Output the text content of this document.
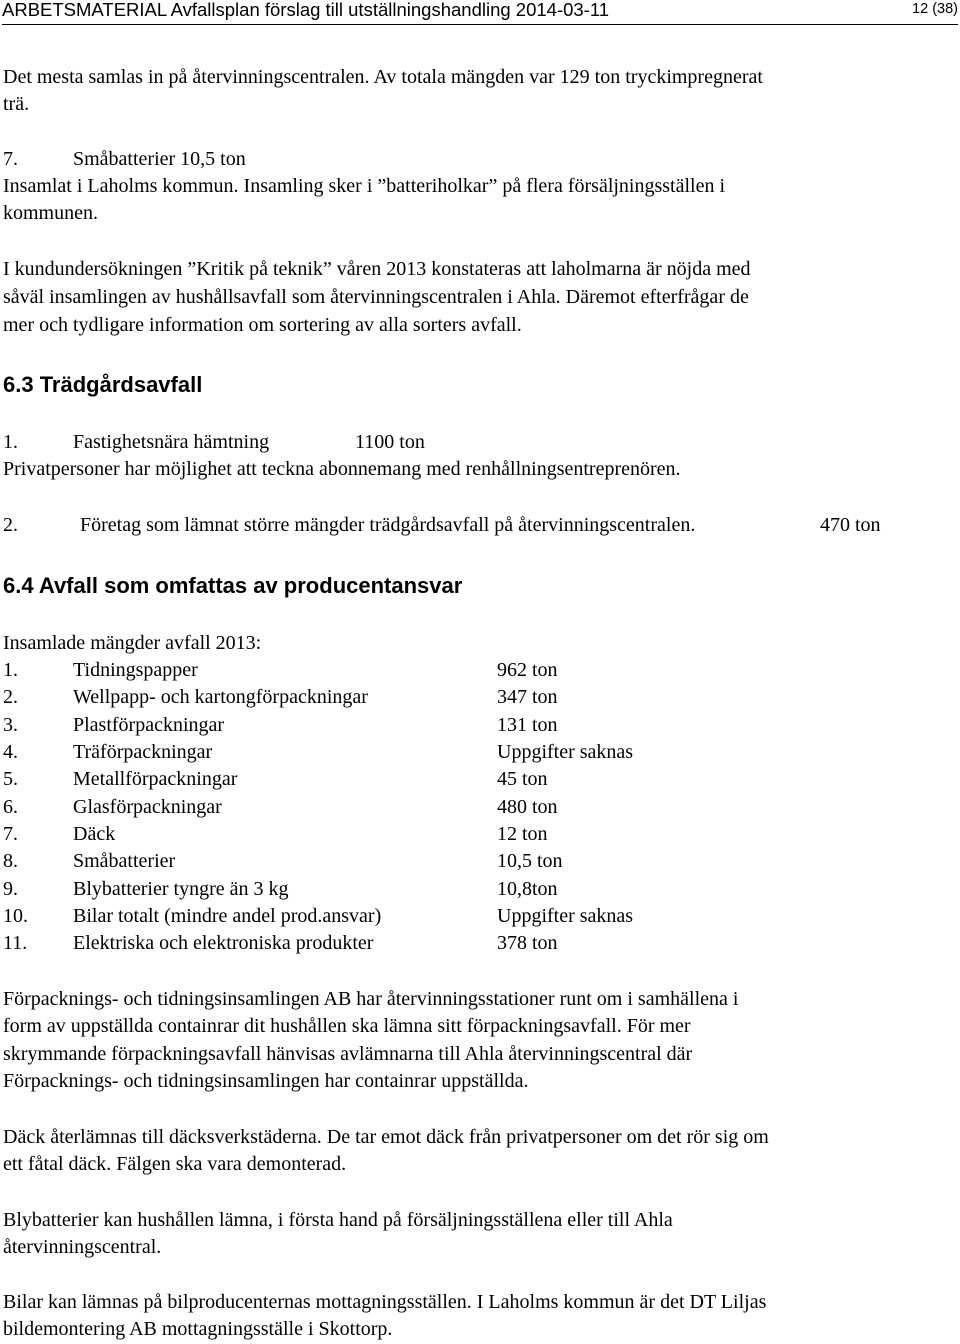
ARBETSMATERIAL Avfallsplan förslag till utställningshandling 2014-03-11	12 (38)
Det mesta samlas in på återvinningscentralen. Av totala mängden var 129 ton tryckimpregnerat
trä.
7.	Småbatterier 10,5 ton
Insamlat i Laholms kommun. Insamling sker i ”batteriholkar” på flera försäljningsställen i
kommunen.
I kundundersökningen ”Kritik på teknik” våren 2013 konstateras att laholmarna är nöjda med
såväl insamlingen av hushållsavfall som återvinningscentralen i Ahla. Däremot efterfrågar de
mer och tydligare information om sortering av alla sorters avfall.
6.3 Trädgårdsavfall
1.	Fastighetsnära hämtning	1100 ton
Privatpersoner har möjlighet att teckna abonnemang med renhållningsentreprenören.
2.	Företag som lämnat större mängder trädgårdsavfall på återvinningscentralen.	470 ton
6.4 Avfall som omfattas av producentansvar
Insamlade mängder avfall 2013:
1.	Tidningspapper	962 ton
2.	Wellpapp- och kartongförpackningar	347 ton
3.	Plastförpackningar	131 ton
4.	Träförpackningar	Uppgifter saknas
5.	Metallförpackningar	45 ton
6.	Glasförpackningar	480 ton
7.	Däck	12 ton
8.	Småbatterier	10,5 ton
9.	Blybatterier tyngre än 3 kg	10,8ton
10. Bilar totalt (mindre andel prod.ansvar)	Uppgifter saknas
11. Elektriska och elektroniska produkter	378 ton
Förpacknings- och tidningsinsamlingen AB har återvinningsstationer runt om i samhällena i
form av uppställda containrar dit hushållen ska lämna sitt förpackningsavfall. För mer
skrymmande förpackningsavfall hänvisas avlämnarna till Ahla återvinningscentral där
Förpacknings- och tidningsinsamlingen har containrar uppställda.
Däck återlämnas till däcksverkstäderna. De tar emot däck från privatpersoner om det rör sig om
ett fåtal däck. Fälgen ska vara demonterad.
Blybatterier kan hushållen lämna, i första hand på försäljningsställena eller till Ahla
återvinningscentral.
Bilar kan lämnas på bilproducenternas mottagningsställen. I Laholms kommun är det DT Liljas
bildemontering AB mottagningsställe i Skottorp.
